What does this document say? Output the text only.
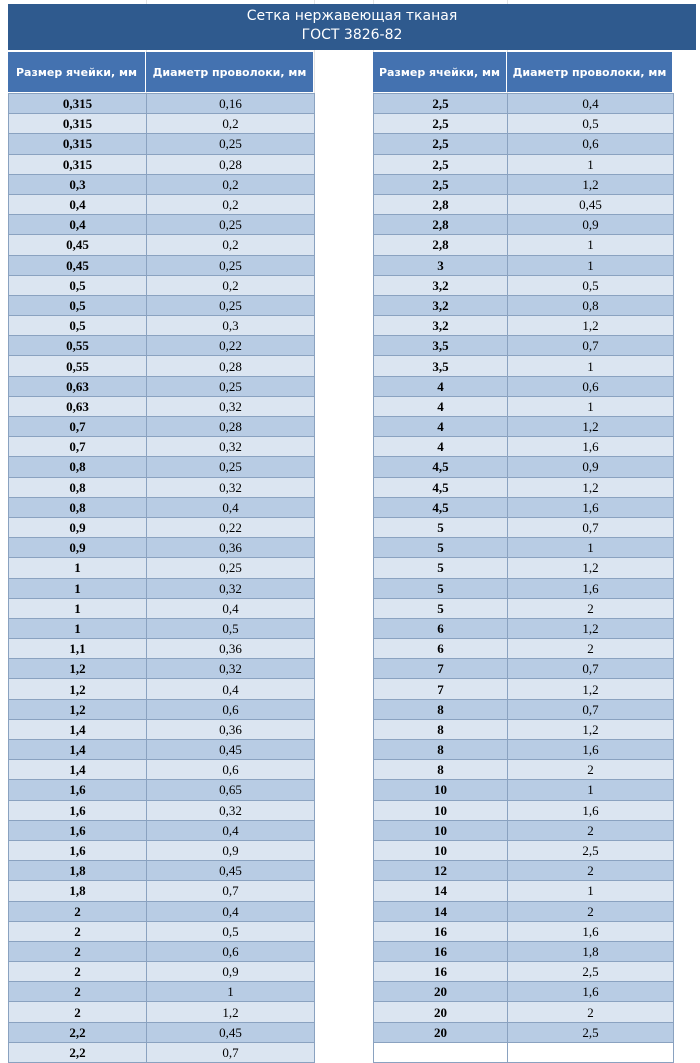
Сетка нержавеющая тканая
ГОСТ 3826-82
Размер ячейки, мм	Диаметр проволоки, мм	Размер ячейки, мм	Диаметр проволоки, мм
0,315	0,16
0,315	0,2
0,315	0,25
0,315	0,28
0,3	0,2
0,4	0,2
0,4	0,25
0,45	0,2
0,45	0,25
0,5	0,2
0,5	0,25
0,5	0,3
0,55	0,22
0,55	0,28
0,63	0,25
0,63	0,32
0,7	0,28
0,7	0,32
0,8	0,25
0,8	0,32
0,8	0,4
0,9	0,22
0,9	0,36
1	0,25
1	0,32
1	0,4
1	0,5
1,1	0,36
1,2	0,32
1,2	0,4
1,2	0,6
1,4	0,36
1,4	0,45
1,4	0,6
1,6	0,65
1,6	0,32
1,6	0,4
1,6	0,9
1,8	0,45
1,8	0,7
2	0,4
2	0,5
2	0,6
2	0,9
2	1
2	1,2
2,2	0,45
2,2	0,7
2,5	0,4
2,5	0,5
2,5	0,6
2,5	1
2,5	1,2
2,8	0,45
2,8	0,9
2,8	1
3	1
3,2	0,5
3,2	0,8
3,2	1,2
3,5	0,7
3,5	1
4	0,6
4	1
4	1,2
4	1,6
4,5	0,9
4,5	1,2
4,5	1,6
5	0,7
5	1
5	1,2
5	1,6
5	2
6	1,2
6	2
7	0,7
7	1,2
8	0,7
8	1,2
8	1,6
8	2
10	1
10	1,6
10	2
10	2,5
12	2
14	1
14	2
16	1,6
16	1,8
16	2,5
20	1,6
20	2
20	2,5
